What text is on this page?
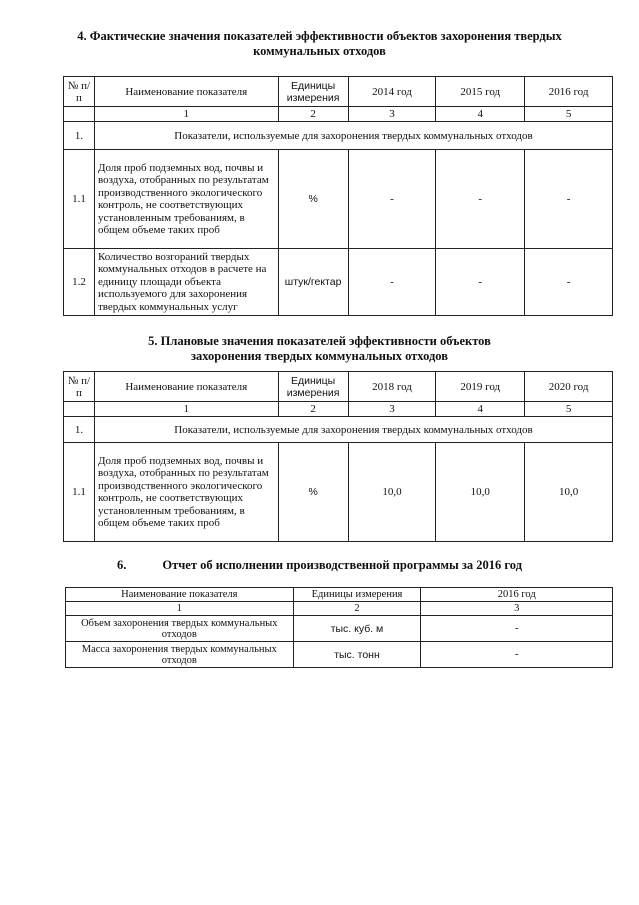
4. Фактические значения показателей эффективности объектов захоронения твердых
коммунальных отходов
№ п/п	Наименование показателя	Единицы измерения	2014 год	2015 год	2016 год
	1	2	3	4	5
1.	Показатели, используемые для захоронения твердых коммунальных отходов				
1.1	Доля проб подземных вод, почвы и воздуха, отобранных по результатам производственного экологического контроль, не соответствующих установленным требованиям, в общем объеме таких проб	%	-	-	-
1.2	Количество возгораний твердых коммунальных отходов в расчете на единицу площади объекта используемого для захоронения твердых коммунальных услуг	штук/гектар	-	-	-
5. Плановые значения показателей эффективности объектов
захоронения твердых коммунальных отходов
№ п/п	Наименование показателя	Единицы измерения	2018 год	2019 год	2020 год
	1	2	3	4	5
1.	Показатели, используемые для захоронения твердых коммунальных отходов				
1.1	Доля проб подземных вод, почвы и воздуха, отобранных по результатам производственного экологического контроль, не соответствующих установленным требованиям, в общем объеме таких проб	%	10,0	10,0	10,0
6.	Отчет об исполнении производственной программы за 2016 год
Наименование показателя	Единицы измерения	2016 год
1	2	3
Объем захоронения твердых коммунальных отходов	тыс. куб. м	-
Масса захоронения твердых коммунальных отходов	тыс. тонн	-
